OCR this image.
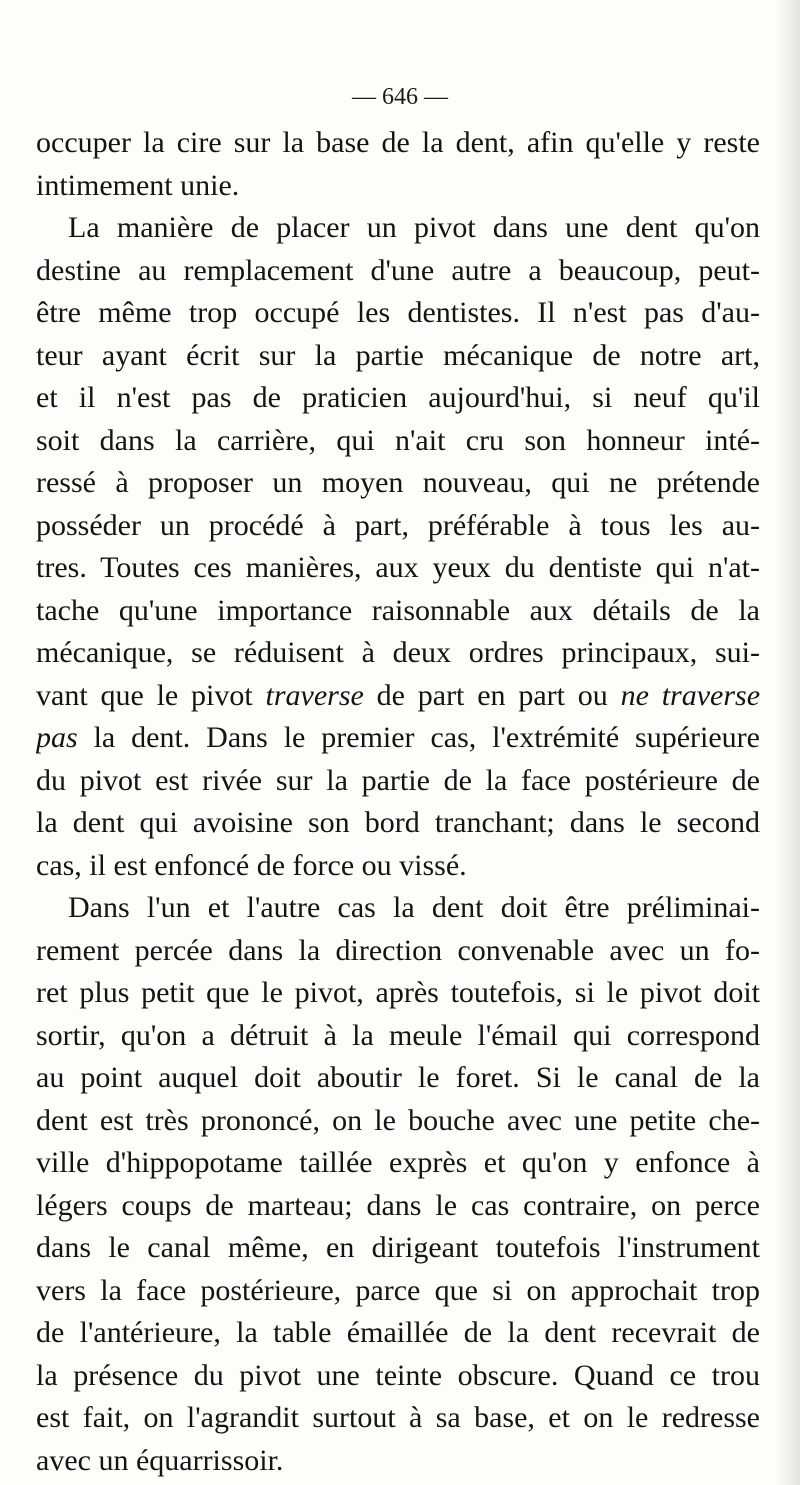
— 646 —
occuper la cire sur la base de la dent, afin qu'elle y reste
intimement unie.
La manière de placer un pivot dans une dent qu'on
destine au remplacement d'une autre a beaucoup, peut-
être même trop occupé les dentistes. Il n'est pas d'au-
teur ayant écrit sur la partie mécanique de notre art,
et il n'est pas de praticien aujourd'hui, si neuf qu'il
soit dans la carrière, qui n'ait cru son honneur inté-
ressé à proposer un moyen nouveau, qui ne prétende
posséder un procédé à part, préférable à tous les au-
tres. Toutes ces manières, aux yeux du dentiste qui n'at-
tache qu'une importance raisonnable aux détails de la
mécanique, se réduisent à deux ordres principaux, sui-
vant que le pivot traverse de part en part ou ne traverse
pas la dent. Dans le premier cas, l'extrémité supérieure
du pivot est rivée sur la partie de la face postérieure de
la dent qui avoisine son bord tranchant; dans le second
cas, il est enfoncé de force ou vissé.
Dans l'un et l'autre cas la dent doit être préliminai-
rement percée dans la direction convenable avec un fo-
ret plus petit que le pivot, après toutefois, si le pivot doit
sortir, qu'on a détruit à la meule l'émail qui correspond
au point auquel doit aboutir le foret. Si le canal de la
dent est très prononcé, on le bouche avec une petite che-
ville d'hippopotame taillée exprès et qu'on y enfonce à
légers coups de marteau; dans le cas contraire, on perce
dans le canal même, en dirigeant toutefois l'instrument
vers la face postérieure, parce que si on approchait trop
de l'antérieure, la table émaillée de la dent recevrait de
la présence du pivot une teinte obscure. Quand ce trou
est fait, on l'agrandit surtout à sa base, et on le redresse
avec un équarrissoir.
